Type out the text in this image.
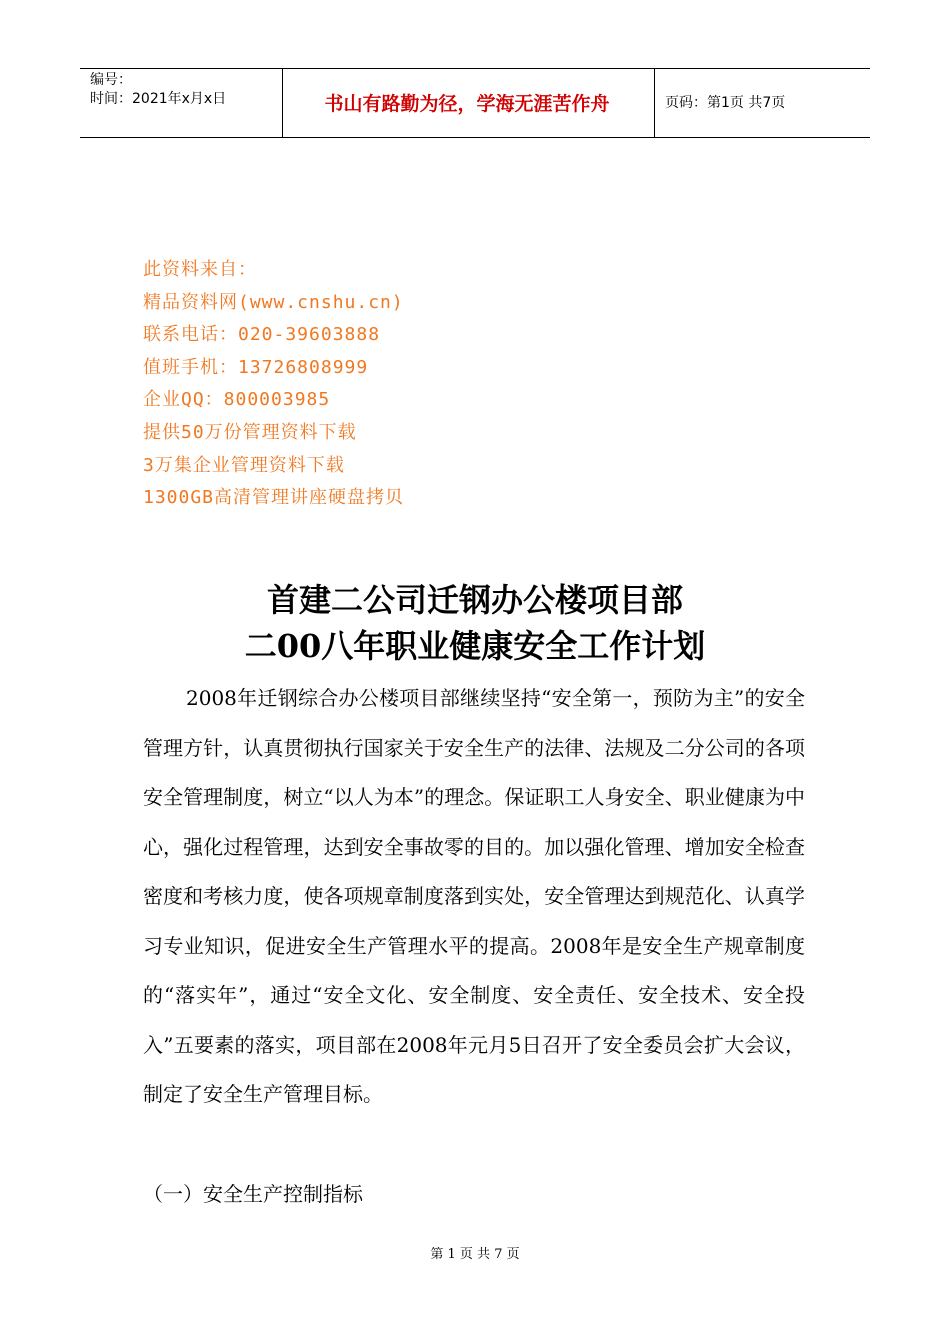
编号：
时间：2021年x月x日	书山有路勤为径，学海无涯苦作舟	页码：第1页 共7页
此资料来自：
精品资料网(www.cnshu.cn)
联系电话：020-39603888
值班手机：13726808999
企业QQ：800003985
提供50万份管理资料下载
3万集企业管理资料下载
1300GB高清管理讲座硬盘拷贝
首建二公司迁钢办公楼项目部
二00八年职业健康安全工作计划

2008年迁钢综合办公楼项目部继续坚持“安全第一，预防为主”的安全管理方针，认真贯彻执行国家关于安全生产的法律、法规及二分公司的各项安全管理制度，树立“以人为本”的理念。保证职工人身安全、职业健康为中心，强化过程管理，达到安全事故零的目的。加以强化管理、增加安全检查密度和考核力度，使各项规章制度落到实处，安全管理达到规范化、认真学习专业知识，促进安全生产管理水平的提高。2008年是安全生产规章制度的“落实年”，通过“安全文化、安全制度、安全责任、安全技术、安全投入”五要素的落实，项目部在2008年元月5日召开了安全委员会扩大会议，制定了安全生产管理目标。

（一）安全生产控制指标
第 1 页 共 7 页
